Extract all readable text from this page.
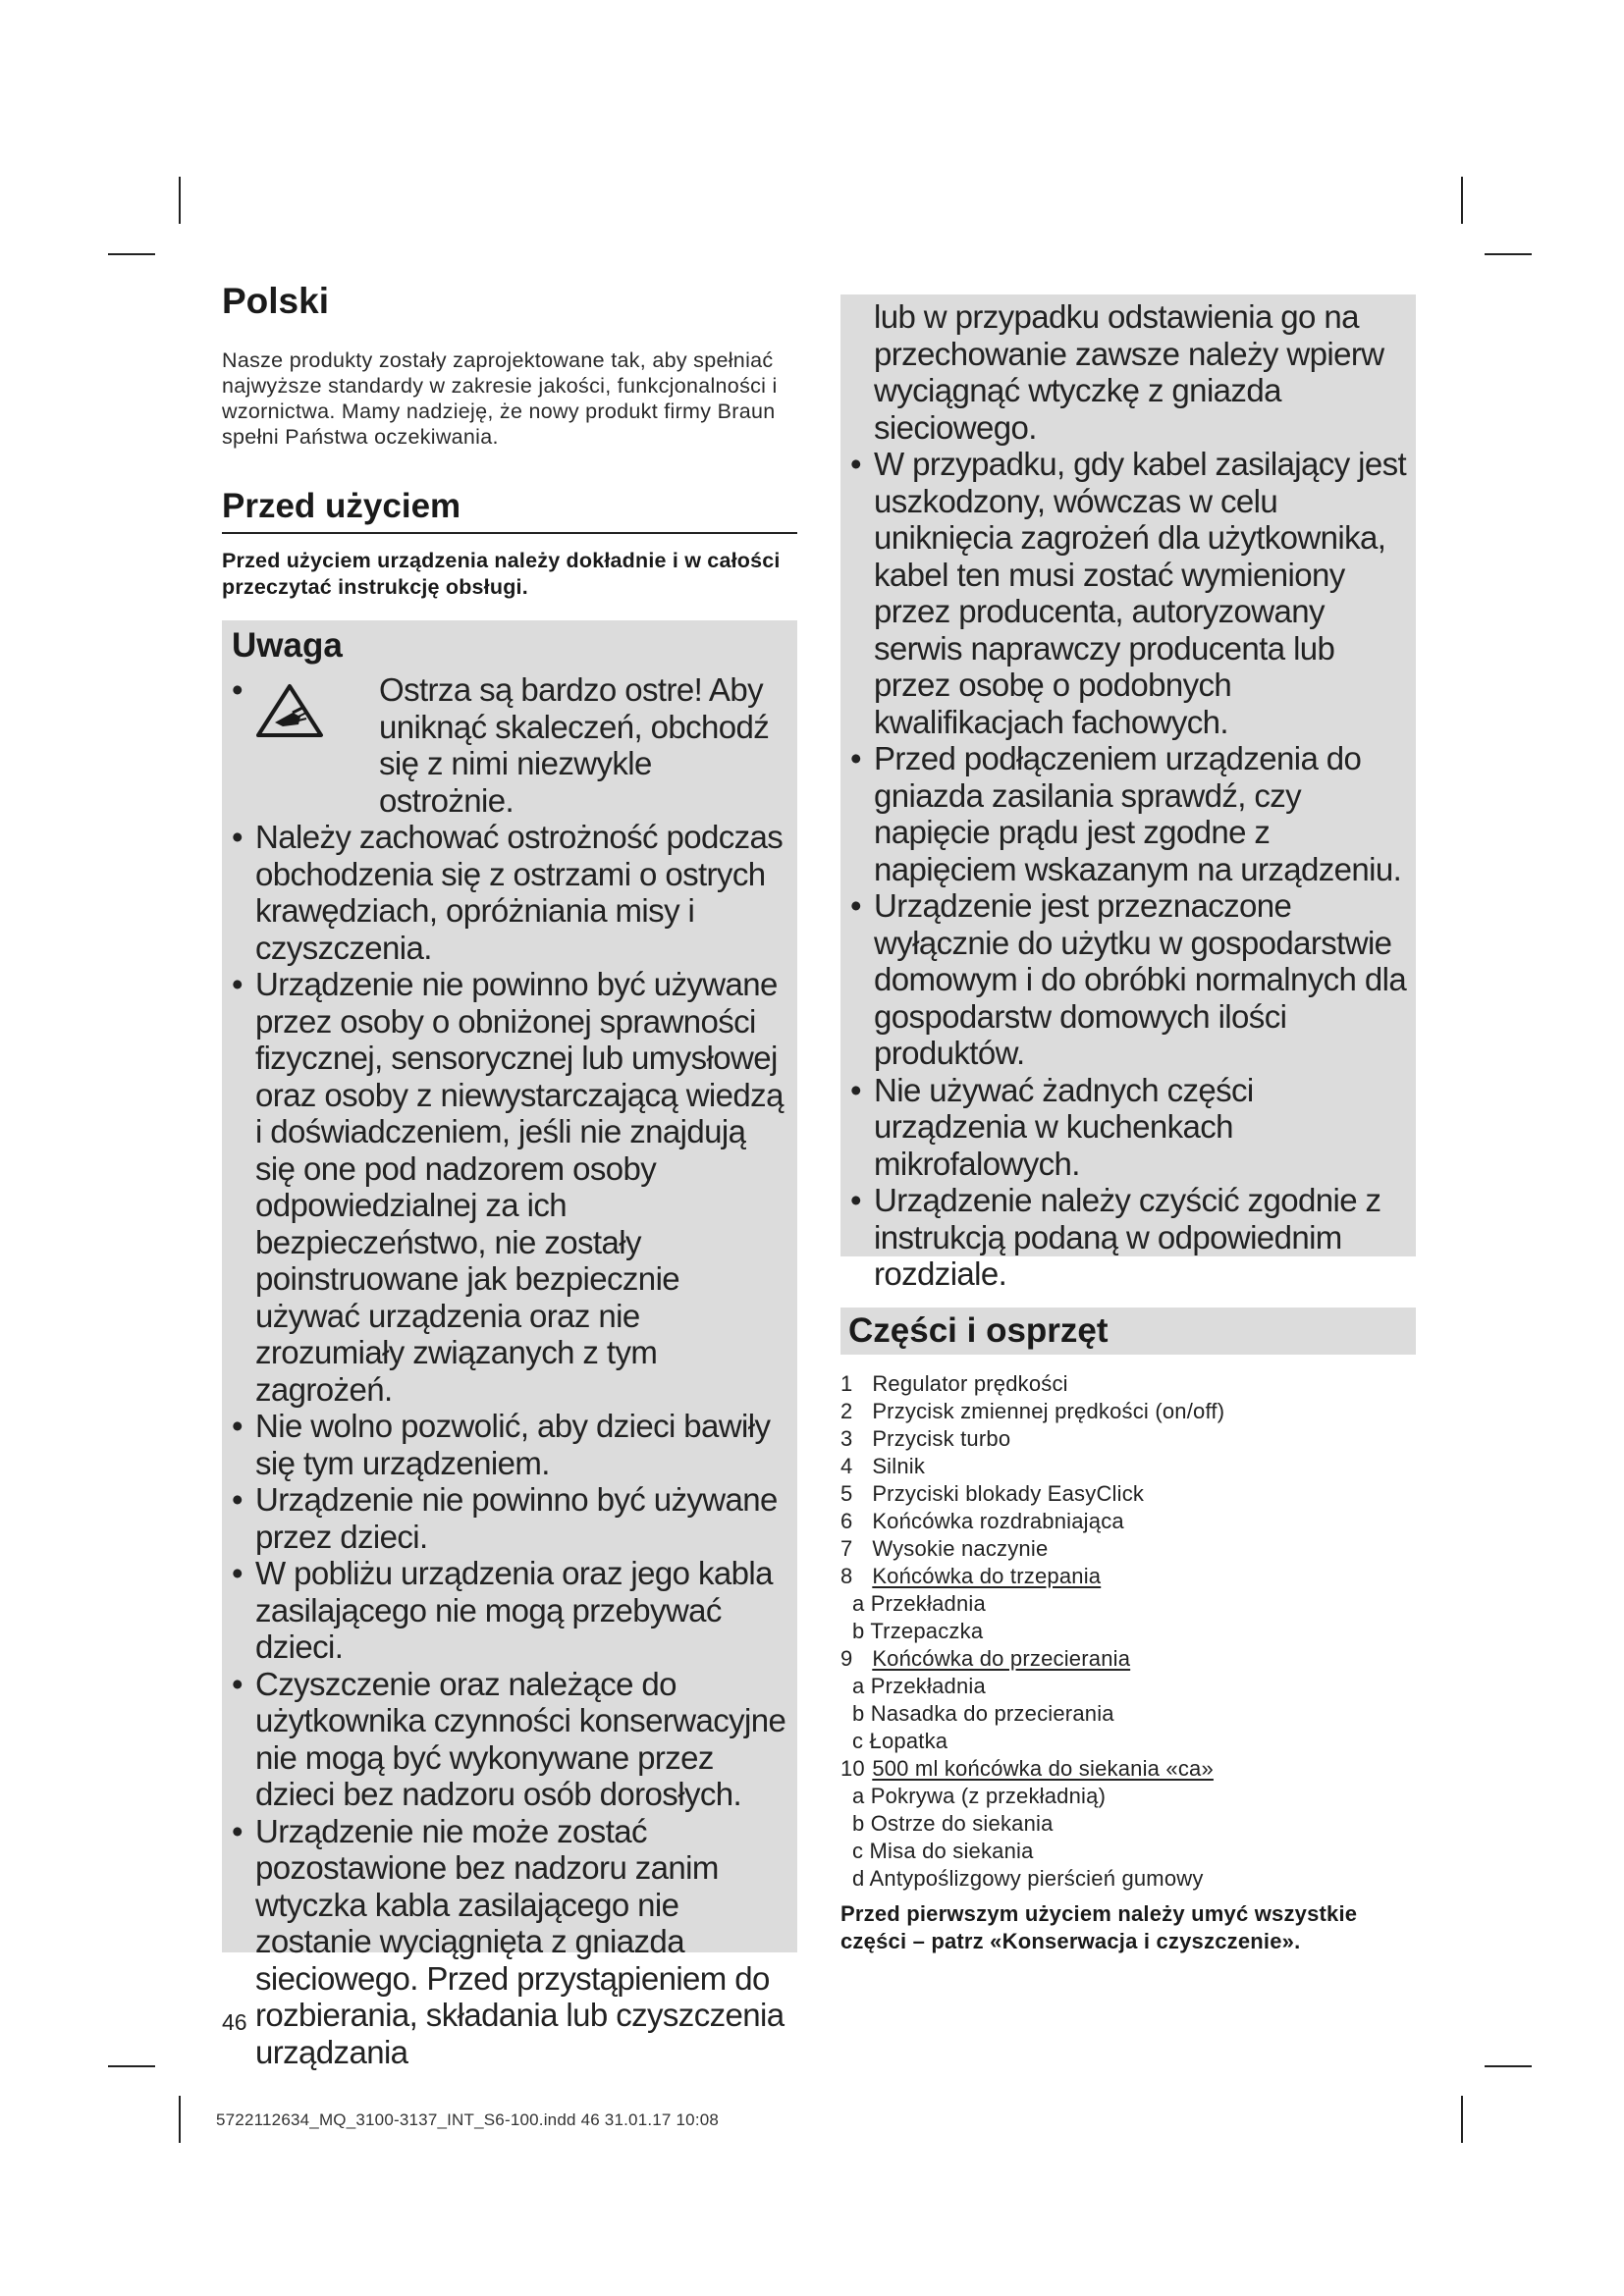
Polski

Nasze produkty zostały zaprojektowane tak, aby spełniać najwyższe standardy w zakresie jakości, funkcjonalności i wzornictwa. Mamy nadzieję, że nowy produkt firmy Braun spełni Państwa oczekiwania.

Przed użyciem

Przed użyciem urządzenia należy dokładnie i w całości przeczytać instrukcję obsługi.

Uwaga
• Ostrza są bardzo ostre! Aby uniknąć skaleczeń, obchodź się z nimi niezwykle ostrożnie.
• Należy zachować ostrożność podczas obchodzenia się z ostrzami o ostrych krawędziach, opróżniania misy i czyszczenia.
• Urządzenie nie powinno być używane przez osoby o obniżonej sprawności fizycznej, sensorycznej lub umysłowej oraz osoby z niewystarczającą wiedzą i doświadczeniem, jeśli nie znajdują się one pod nadzorem osoby odpowiedzialnej za ich bezpieczeństwo, nie zostały poinstruowane jak bezpiecznie używać urządzenia oraz nie zrozumiały związanych z tym zagrożeń.
• Nie wolno pozwolić, aby dzieci bawiły się tym urządzeniem.
• Urządzenie nie powinno być używane przez dzieci.
• W pobliżu urządzenia oraz jego kabla zasilającego nie mogą przebywać dzieci.
• Czyszczenie oraz należące do użytkownika czynności konserwacyjne nie mogą być wykonywane przez dzieci bez nadzoru osób dorosłych.
• Urządzenie nie może zostać pozostawione bez nadzoru zanim wtyczka kabla zasilającego nie zostanie wyciągnięta z gniazda sieciowego. Przed przystąpieniem do rozbierania, składania lub czyszczenia urządzania

lub w przypadku odstawienia go na przechowanie zawsze należy wpierw wyciągnąć wtyczkę z gniazda sieciowego.

• W przypadku, gdy kabel zasilający jest uszkodzony, wówczas w celu uniknięcia zagrożeń dla użytkownika, kabel ten musi zostać wymieniony przez producenta, autoryzowany serwis naprawczy producenta lub przez osobę o podobnych kwalifikacjach fachowych.
• Przed podłączeniem urządzenia do gniazda zasilania sprawdź, czy napięcie prądu jest zgodne z napięciem wskazanym na urządzeniu.
• Urządzenie jest przeznaczone wyłącznie do użytku w gospodarstwie domowym i do obróbki normalnych dla gospodarstw domowych ilości produktów.
• Nie używać żadnych części urządzenia w kuchenkach mikrofalowych.
• Urządzenie należy czyścić zgodnie z instrukcją podaną w odpowiednim rozdziale.
Części i osprzęt
1 Regulator prędkości
2 Przycisk zmiennej prędkości (on/off)
3 Przycisk turbo
4 Silnik
5 Przyciski blokady EasyClick
6 Końcówka rozdrabniająca
7 Wysokie naczynie
8 Końcówka do trzepania
a Przekładnia
b Trzepaczka
9 Końcówka do przecierania
a Przekładnia
b Nasadka do przecierania
c Łopatka
10 500 ml końcówka do siekania «ca»
a Pokrywa (z przekładnią)
b Ostrze do siekania
c Misa do siekania
d Antypoślizgowy pierścień gumowy

Przed pierwszym użyciem należy umyć wszystkie części – patrz «Konserwacja i czyszczenie».

46
5722112634_MQ_3100-3137_INT_S6-100.indd 46 31.01.17 10:08
